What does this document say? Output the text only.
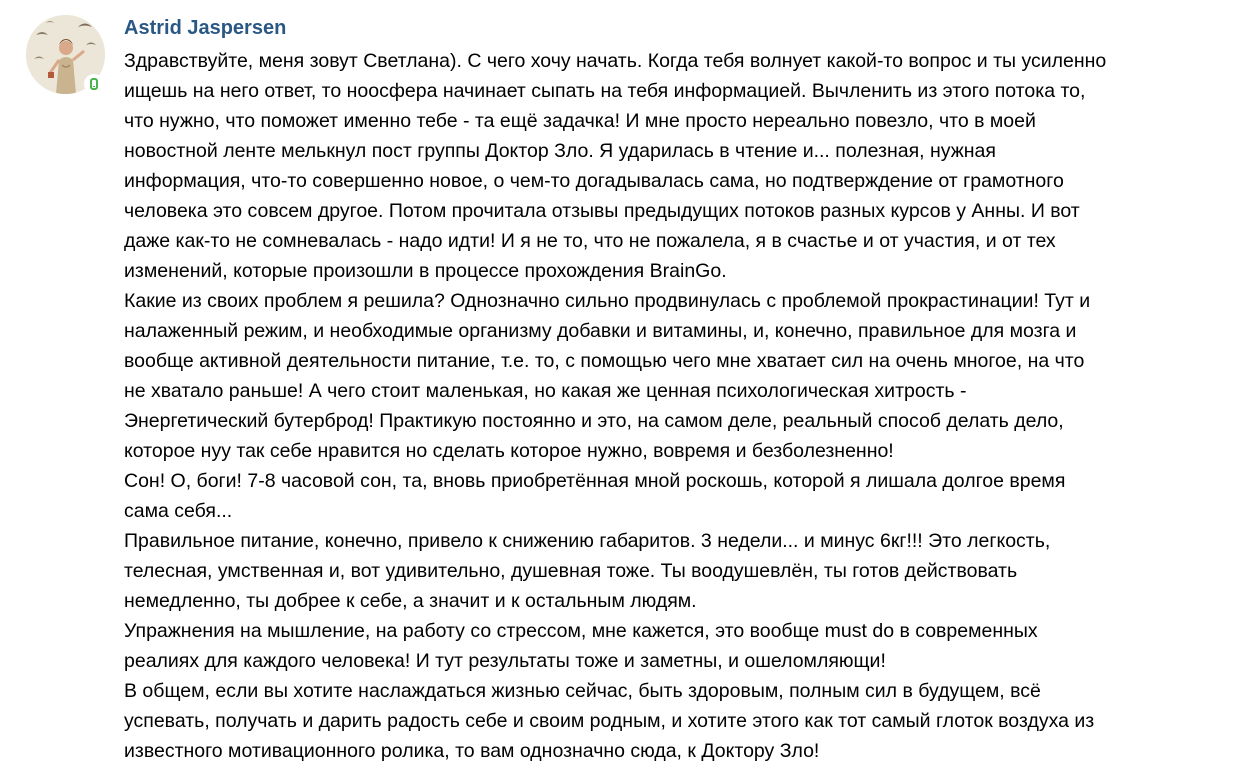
Astrid Jaspersen
Здравствуйте, меня зовут Светлана). С чего хочу начать. Когда тебя волнует какой-то вопрос и ты усиленно
ищешь на него ответ, то ноосфера начинает сыпать на тебя информацией. Вычленить из этого потока то,
что нужно, что поможет именно тебе - та ещё задачка! И мне просто нереально повезло, что в моей
новостной ленте мелькнул пост группы Доктор Зло. Я ударилась в чтение и... полезная, нужная
информация, что-то совершенно новое, о чем-то догадывалась сама, но подтверждение от грамотного
человека это совсем другое. Потом прочитала отзывы предыдущих потоков разных курсов у Анны. И вот
даже как-то не сомневалась - надо идти! И я не то, что не пожалела, я в счастье и от участия, и от тех
изменений, которые произошли в процессе прохождения BrainGo.
Какие из своих проблем я решила? Однозначно сильно продвинулась с проблемой прокрастинации! Тут и
налаженный режим, и необходимые организму добавки и витамины, и, конечно, правильное для мозга и
вообще активной деятельности питание, т.е. то, с помощью чего мне хватает сил на очень многое, на что
не хватало раньше! А чего стоит маленькая, но какая же ценная психологическая хитрость -
Энергетический бутерброд! Практикую постоянно и это, на самом деле, реальный способ делать дело,
которое нуу так себе нравится но сделать которое нужно, вовремя и безболезненно!
Сон! О, боги! 7-8 часовой сон, та, вновь приобретённая мной роскошь, которой я лишала долгое время
сама себя...
Правильное питание, конечно, привело к снижению габаритов. 3 недели... и минус 6кг!!! Это легкость,
телесная, умственная и, вот удивительно, душевная тоже. Ты воодушевлён, ты готов действовать
немедленно, ты добрее к себе, а значит и к остальным людям.
Упражнения на мышление, на работу со стрессом, мне кажется, это вообще must do в современных
реалиях для каждого человека! И тут результаты тоже и заметны, и ошеломляющи!
В общем, если вы хотите наслаждаться жизнью сейчас, быть здоровым, полным сил в будущем, всё
успевать, получать и дарить радость себе и своим родным, и хотите этого как тот самый глоток воздуха из
известного мотивационного ролика, то вам однозначно сюда, к Доктору Зло!
